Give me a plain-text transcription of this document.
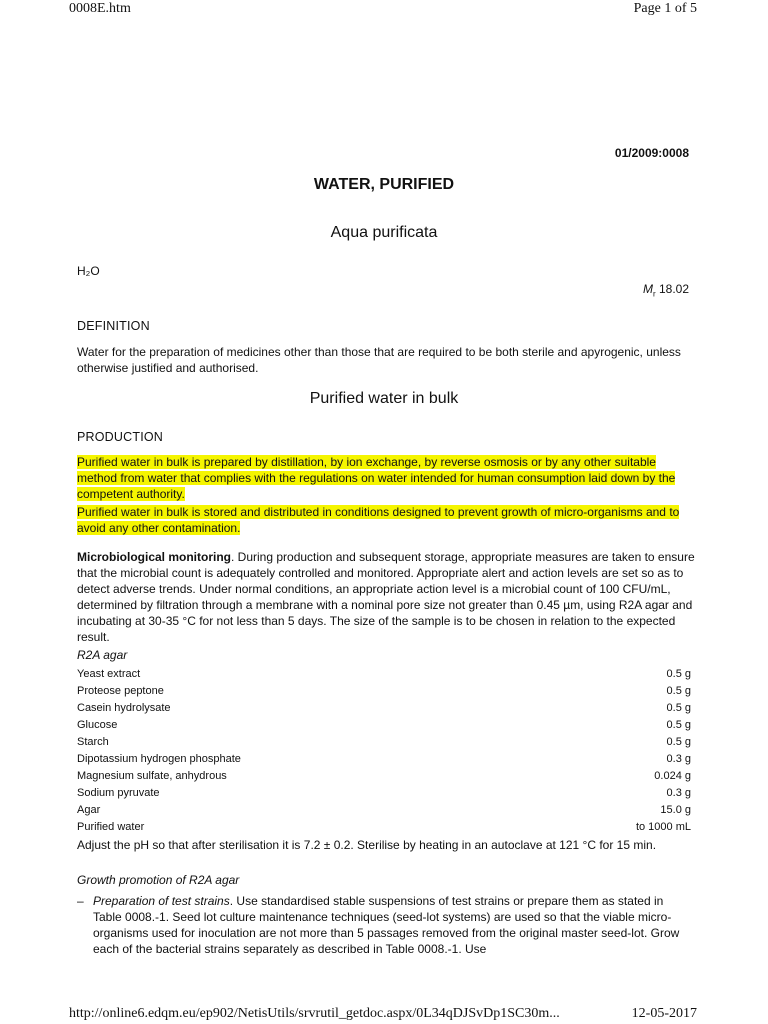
0008E.htm	Page 1 of 5
01/2009:0008
WATER, PURIFIED
Aqua purificata
H₂O
$M_r$ 18.02
DEFINITION
Water for the preparation of medicines other than those that are required to be both sterile and apyrogenic, unless otherwise justified and authorised.
Purified water in bulk
PRODUCTION
Purified water in bulk is prepared by distillation, by ion exchange, by reverse osmosis or by any other suitable method from water that complies with the regulations on water intended for human consumption laid down by the competent authority.
Purified water in bulk is stored and distributed in conditions designed to prevent growth of micro-organisms and to avoid any other contamination.
Microbiological monitoring. During production and subsequent storage, appropriate measures are taken to ensure that the microbial count is adequately controlled and monitored. Appropriate alert and action levels are set so as to detect adverse trends. Under normal conditions, an appropriate action level is a microbial count of 100 CFU/mL, determined by filtration through a membrane with a nominal pore size not greater than 0.45 µm, using R2A agar and incubating at 30-35 °C for not less than 5 days. The size of the sample is to be chosen in relation to the expected result.
R2A agar
Yeast extract	0.5 g
Proteose peptone	0.5 g
Casein hydrolysate	0.5 g
Glucose	0.5 g
Starch	0.5 g
Dipotassium hydrogen phosphate	0.3 g
Magnesium sulfate, anhydrous	0.024 g
Sodium pyruvate	0.3 g
Agar	15.0 g
Purified water	to 1000 mL
Adjust the pH so that after sterilisation it is 7.2 ± 0.2. Sterilise by heating in an autoclave at 121 °C for 15 min.
Growth promotion of R2A agar
– Preparation of test strains. Use standardised stable suspensions of test strains or prepare them as stated in Table 0008.-1. Seed lot culture maintenance techniques (seed-lot systems) are used so that the viable micro-organisms used for inoculation are not more than 5 passages removed from the original master seed-lot. Grow each of the bacterial strains separately as described in Table 0008.-1. Use
http://online6.edqm.eu/ep902/NetisUtils/srvrutil_getdoc.aspx/0L34qDJSvDp1SC30m...	12-05-2017
